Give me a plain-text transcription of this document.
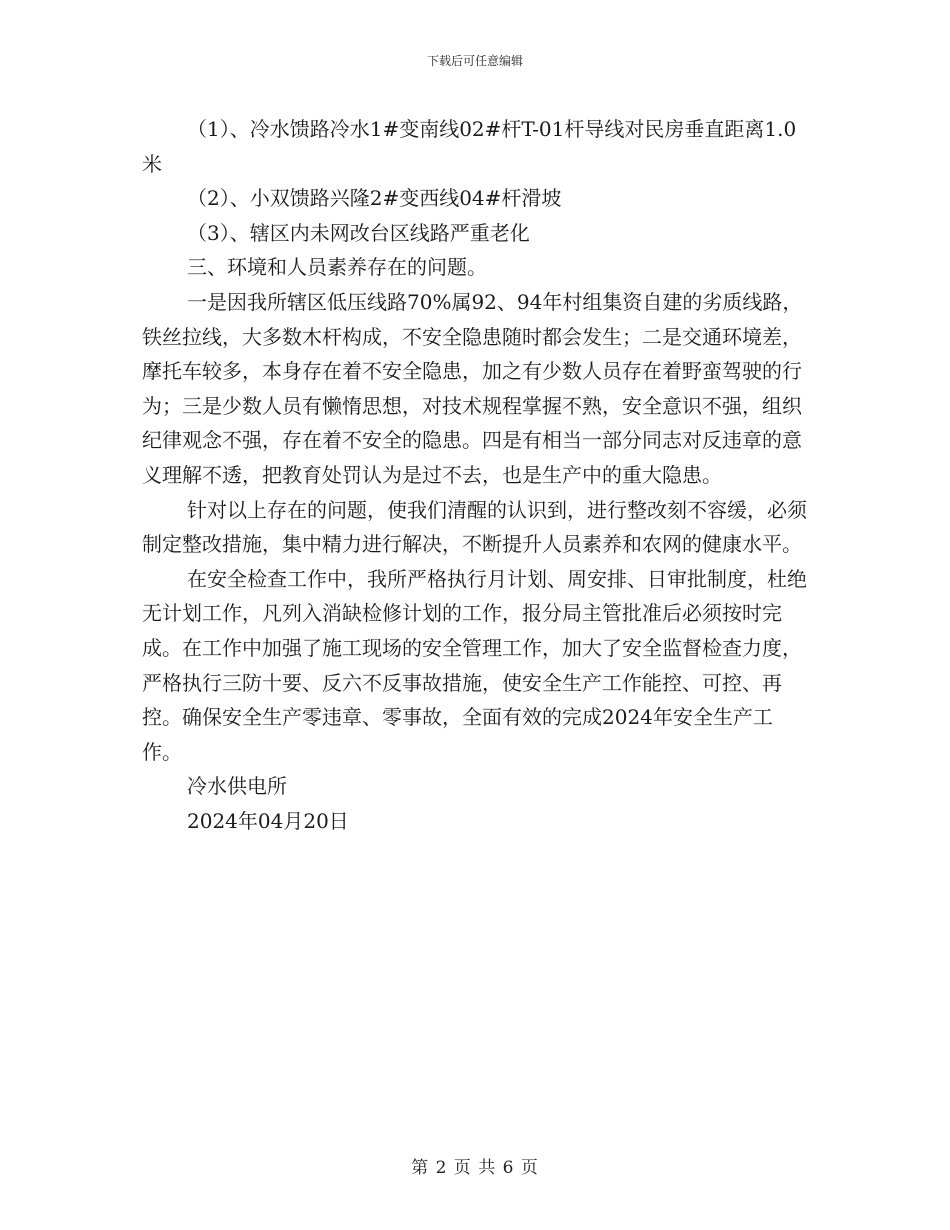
下载后可任意编辑

（1）、冷水馈路冷水1#变南线02#杆T-01杆导线对民房垂直距离1.0米

（2）、小双馈路兴隆2#变西线04#杆滑坡

（3）、辖区内未网改台区线路严重老化

三、环境和人员素养存在的问题。

一是因我所辖区低压线路70%属92、94年村组集资自建的劣质线路，铁丝拉线，大多数木杆构成，不安全隐患随时都会发生；二是交通环境差，摩托车较多，本身存在着不安全隐患，加之有少数人员存在着野蛮驾驶的行为；三是少数人员有懒惰思想，对技术规程掌握不熟，安全意识不强，组织纪律观念不强，存在着不安全的隐患。四是有相当一部分同志对反违章的意义理解不透，把教育处罚认为是过不去，也是生产中的重大隐患。

针对以上存在的问题，使我们清醒的认识到，进行整改刻不容缓，必须制定整改措施，集中精力进行解决，不断提升人员素养和农网的健康水平。

在安全检查工作中，我所严格执行月计划、周安排、日审批制度，杜绝无计划工作，凡列入消缺检修计划的工作，报分局主管批准后必须按时完成。在工作中加强了施工现场的安全管理工作，加大了安全监督检查力度，严格执行三防十要、反六不反事故措施，使安全生产工作能控、可控、再控。确保安全生产零违章、零事故，全面有效的完成2024年安全生产工作。

冷水供电所

2024年04月20日

第 2 页 共 6 页
